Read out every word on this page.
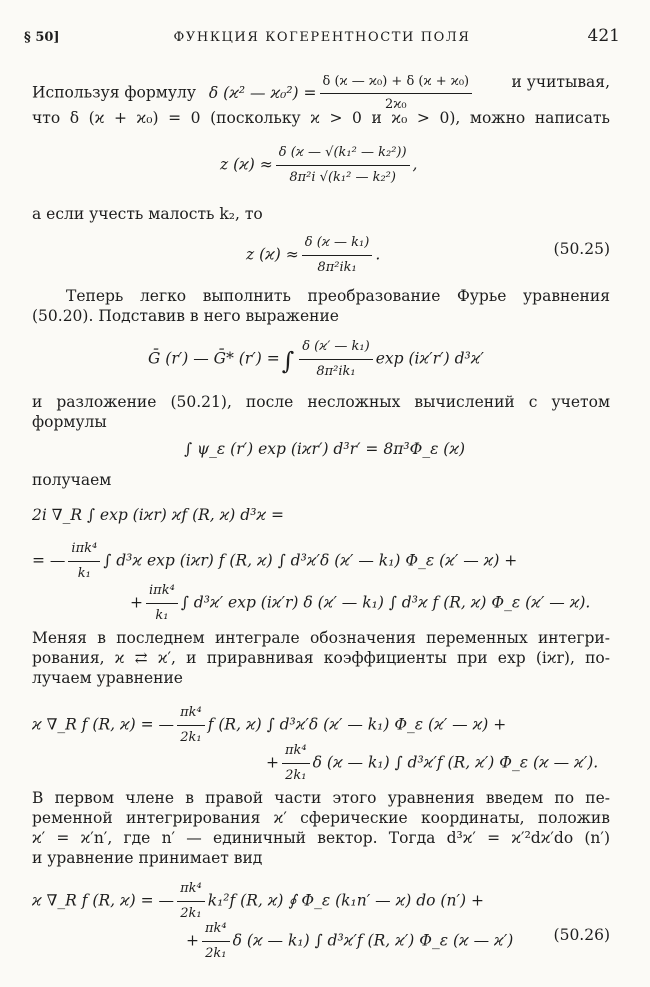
§ 50]	ФУНКЦИЯ КОГЕРЕНТНОСТИ ПОЛЯ	421
Используя формулу δ (ϰ² — $ϰ_0^2) = \frac{\text{δ (ϰ — ϰ₀) + δ (ϰ + ϰ₀)}}{\text{2ϰ₀}}$	и учитывая,
что δ (ϰ + ϰ₀) = 0 (поскольку ϰ > 0 и ϰ₀ > 0), можно написать
z $(ϰ) \approx \frac{\text{δ (ϰ — √(k₁² — k₂²))}}{\text{8π²i √(k₁² — k₂²)}}$ ,
а если учесть малость k₂, то
z $(ϰ) \approx \frac{\text{δ (ϰ — k₁)}}{\text{8π²ik₁}}$ .	(50.25)
Теперь легко выполнить преобразование Фурье уравнения
(50.20). Подставив в него выражение
Ḡ (r′) — Ḡ* (r′) =∫ $\frac{\text{δ (ϰ′ — k₁)}}{\text{8π²ik₁}}$ exp (iϰ′r′) d³ϰ′
и разложение (50.21), после несложных вычислений с учетом
формулы
∫ ψ_ε (r′) exp (iϰr′) d³r′ = 8π³Φ_ε (ϰ)
получаем
2i ∇_R ∫ exp (iϰr) ϰf (R, ϰ) d³ϰ =
= — $\frac{\text{iπk⁴}}{\text{k₁}}$ ∫ d³ϰ exp (iϰr) f (R, ϰ) ∫ d³ϰ′δ (ϰ′ — k₁) Φ_ε (ϰ′ — ϰ) +
+ $\frac{\text{iπk⁴}}{\text{k₁}}$ ∫ d³ϰ′ exp (iϰ′r) δ (ϰ′ — k₁) ∫ d³ϰ f (R, ϰ) Φ_ε (ϰ′ — ϰ).
Меняя в последнем интеграле обозначения переменных интегри-
рования, ϰ ⇄ ϰ′, и приравнивая коэффициенты при exp (iϰr), по-
лучаем уравнение
ϰ ∇_R f (R, ϰ) = — $\frac{\text{πk⁴}}{\text{2k₁}}$ f (R, ϰ) ∫ d³ϰ′δ (ϰ′ — k₁) Φ_ε (ϰ′ — ϰ) +
+ $\frac{\text{πk⁴}}{\text{2k₁}}$ δ (ϰ — k₁) ∫ d³ϰ′f (R, ϰ′) Φ_ε (ϰ — ϰ′).
В первом члене в правой части этого уравнения введем по пе-
ременной интегрирования ϰ′ сферические координаты, положив
ϰ′ = ϰ′n′, где n′ — единичный вектор. Тогда d³ϰ′ = ϰ′²dϰ′do (n′)
и уравнение принимает вид
ϰ ∇_R f (R, ϰ) = — $\frac{\text{πk⁴}}{\text{2k₁}} k_1^2f$ (R, ϰ) ∮ Φ_ε (k₁n′ — ϰ) do (n′) +
+ $\frac{\text{πk⁴}}{\text{2k₁}}$ δ (ϰ — k₁) ∫ d³ϰ′f (R, ϰ′) Φ_ε (ϰ — ϰ′)	(50.26)
